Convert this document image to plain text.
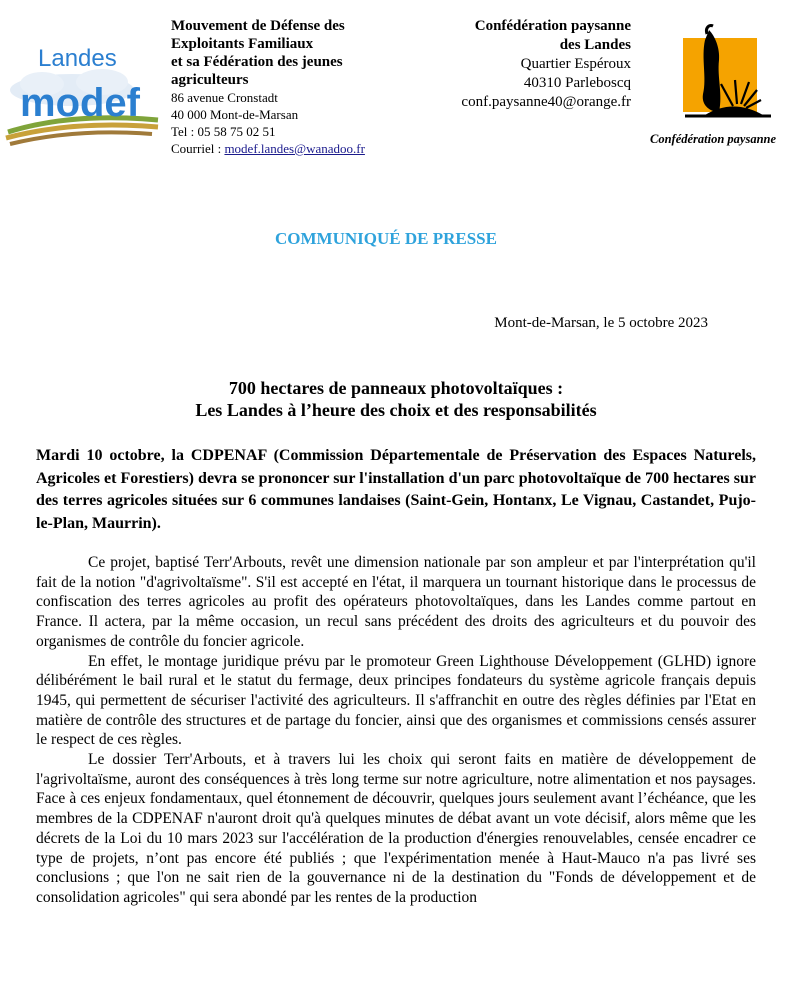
Landes
modef
Mouvement de Défense des
Exploitants Familiaux
et sa Fédération des jeunes
agriculteurs
86 avenue Cronstadt
40 000 Mont-de-Marsan
Tel : 05 58 75 02 51
Courriel : modef.landes@wanadoo.fr
Confédération paysanne
des Landes
Quartier Espéroux
40310 Parleboscq
conf.paysanne40@orange.fr
Confédération paysanne
COMMUNIQUÉ DE PRESSE
Mont-de-Marsan, le 5 octobre 2023
700 hectares de panneaux photovoltaïques :
Les Landes à l’heure des choix et des responsabilités
Mardi 10 octobre, la CDPENAF (Commission Départementale de Préservation des Espaces Naturels, Agricoles et Forestiers) devra se prononcer sur l'installation d'un parc photovoltaïque de 700 hectares sur des terres agricoles situées sur 6 communes landaises (Saint-Gein, Hontanx, Le Vignau, Castandet, Pujo-le-Plan, Maurrin).

Ce projet, baptisé Terr'Arbouts, revêt une dimension nationale par son ampleur et par l'interprétation qu'il fait de la notion "d'agrivoltaïsme". S'il est accepté en l'état, il marquera un tournant historique dans le processus de confiscation des terres agricoles au profit des opérateurs photovoltaïques, dans les Landes comme partout en France. Il actera, par la même occasion, un recul sans précédent des droits des agriculteurs et du pouvoir des organismes de contrôle du foncier agricole.

En effet, le montage juridique prévu par le promoteur Green Lighthouse Développement (GLHD) ignore délibérément le bail rural et le statut du fermage, deux principes fondateurs du système agricole français depuis 1945, qui permettent de sécuriser l'activité des agriculteurs. Il s'affranchit en outre des règles définies par l'Etat en matière de contrôle des structures et de partage du foncier, ainsi que des organismes et commissions censés assurer le respect de ces règles.

Le dossier Terr'Arbouts, et à travers lui les choix qui seront faits en matière de développement de l'agrivoltaïsme, auront des conséquences à très long terme sur notre agriculture, notre alimentation et nos paysages. Face à ces enjeux fondamentaux, quel étonnement de découvrir, quelques jours seulement avant l’échéance, que les membres de la CDPENAF n'auront droit qu'à quelques minutes de débat avant un vote décisif, alors même que les décrets de la Loi du 10 mars 2023 sur l'accélération de la production d'énergies renouvelables, censée encadrer ce type de projets, n’ont pas encore été publiés ; que l'expérimentation menée à Haut-Mauco n'a pas livré ses conclusions ; que l'on ne sait rien de la gouvernance ni de la destination du "Fonds de développement et de consolidation agricoles" qui sera abondé par les rentes de la production
